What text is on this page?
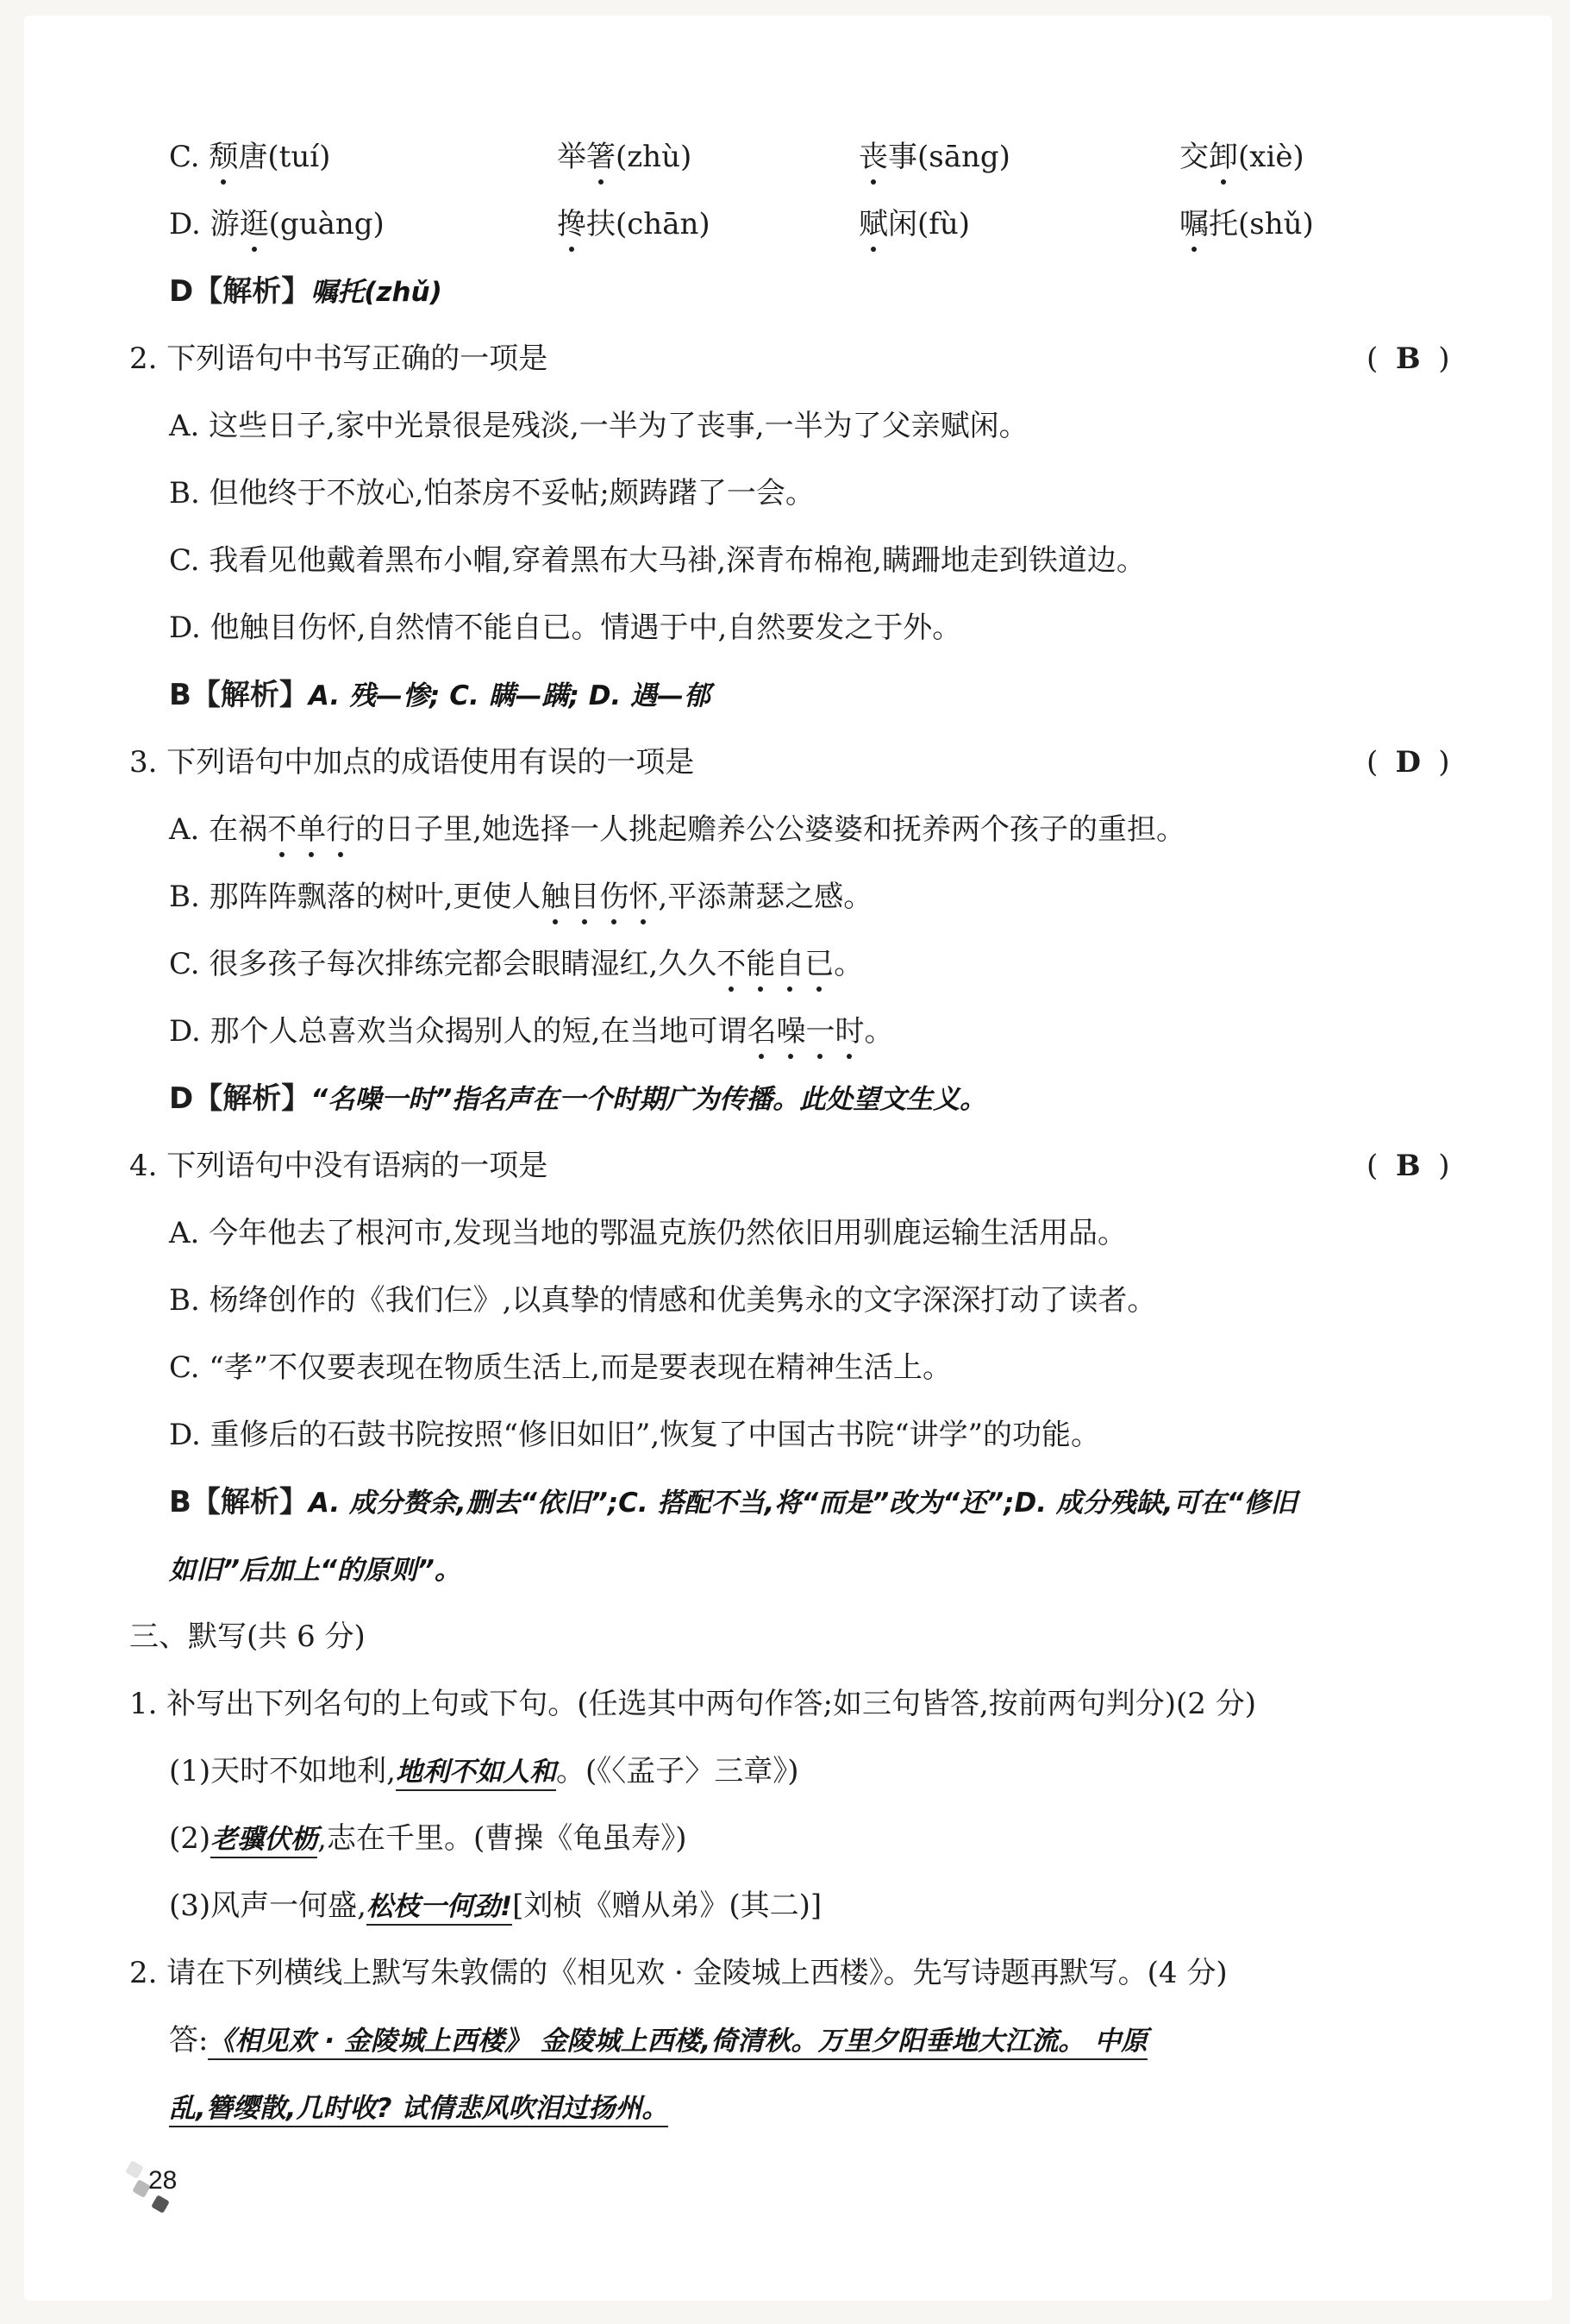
C. 颓唐(tuí)	举箸(zhù)	丧事(sāng)	交卸(xiè)
D. 游逛(guàng)	搀扶(chān)	赋闲(fù)	嘱托(shǔ)
D【解析】嘱托(zhǔ)
2. 下列语句中书写正确的一项是	( B )
A. 这些日子,家中光景很是残淡,一半为了丧事,一半为了父亲赋闲。
B. 但他终于不放心,怕茶房不妥帖;颇踌躇了一会。
C. 我看见他戴着黑布小帽,穿着黑布大马褂,深青布棉袍,瞒跚地走到铁道边。
D. 他触目伤怀,自然情不能自已。情遇于中,自然要发之于外。
B【解析】A. 残—惨; C. 瞒—蹒; D. 遇—郁
3. 下列语句中加点的成语使用有误的一项是	( D )
A. 在祸不单行的日子里,她选择一人挑起赡养公公婆婆和抚养两个孩子的重担。
B. 那阵阵飘落的树叶,更使人触目伤怀,平添萧瑟之感。
C. 很多孩子每次排练完都会眼睛湿红,久久不能自已。
D. 那个人总喜欢当众揭别人的短,在当地可谓名噪一时。
D【解析】“名噪一时”指名声在一个时期广为传播。此处望文生义。
4. 下列语句中没有语病的一项是	( B )
A. 今年他去了根河市,发现当地的鄂温克族仍然依旧用驯鹿运输生活用品。
B. 杨绛创作的《我们仨》,以真挚的情感和优美隽永的文字深深打动了读者。
C. “孝”不仅要表现在物质生活上,而是要表现在精神生活上。
D. 重修后的石鼓书院按照“修旧如旧”,恢复了中国古书院“讲学”的功能。
B【解析】A. 成分赘余,删去“依旧”;C. 搭配不当,将“而是”改为“还”;D. 成分残缺,可在“修旧
如旧”后加上“的原则”。
三、默写(共 6 分)
1. 补写出下列名句的上句或下句。(任选其中两句作答;如三句皆答,按前两句判分)(2 分)
(1)天时不如地利,地利不如人和。(《〈孟子〉三章》)
(2)老骥伏枥,志在千里。(曹操《龟虽寿》)
(3)风声一何盛,松枝一何劲![刘桢《赠从弟》(其二)]
2. 请在下列横线上默写朱敦儒的《相见欢 · 金陵城上西楼》。先写诗题再默写。(4 分)
答:《相见欢 · 金陵城上西楼》 金陵城上西楼,倚清秋。万里夕阳垂地大江流。 中原
乱,簪缨散,几时收? 试倩悲风吹泪过扬州。
28
